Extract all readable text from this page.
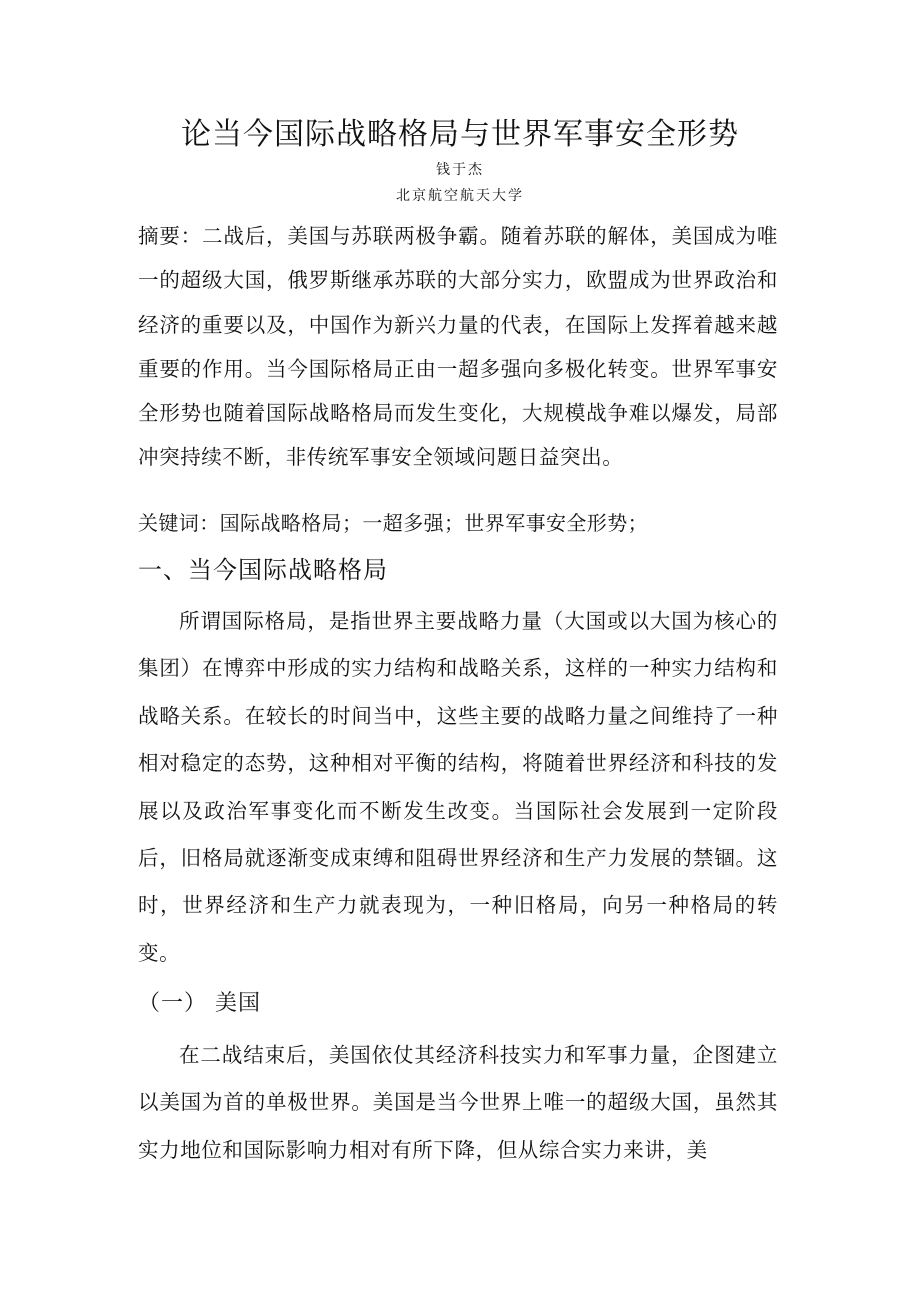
论当今国际战略格局与世界军事安全形势
钱于杰
北京航空航天大学

摘要：二战后，美国与苏联两极争霸。随着苏联的解体，美国成为唯一的超级大国，俄罗斯继承苏联的大部分实力，欧盟成为世界政治和经济的重要以及，中国作为新兴力量的代表，在国际上发挥着越来越重要的作用。当今国际格局正由一超多强向多极化转变。世界军事安全形势也随着国际战略格局而发生变化，大规模战争难以爆发，局部冲突持续不断，非传统军事安全领域问题日益突出。

关键词：国际战略格局；一超多强；世界军事安全形势；

一、当今国际战略格局

所谓国际格局，是指世界主要战略力量（大国或以大国为核心的集团）在博弈中形成的实力结构和战略关系，这样的一种实力结构和战略关系。在较长的时间当中，这些主要的战略力量之间维持了一种相对稳定的态势，这种相对平衡的结构，将随着世界经济和科技的发展以及政治军事变化而不断发生改变。当国际社会发展到一定阶段后，旧格局就逐渐变成束缚和阻碍世界经济和生产力发展的禁锢。这时，世界经济和生产力就表现为，一种旧格局，向另一种格局的转变。

（一） 美国

在二战结束后，美国依仗其经济科技实力和军事力量，企图建立以美国为首的单极世界。美国是当今世界上唯一的超级大国，虽然其实力地位和国际影响力相对有所下降，但从综合实力来讲，美
